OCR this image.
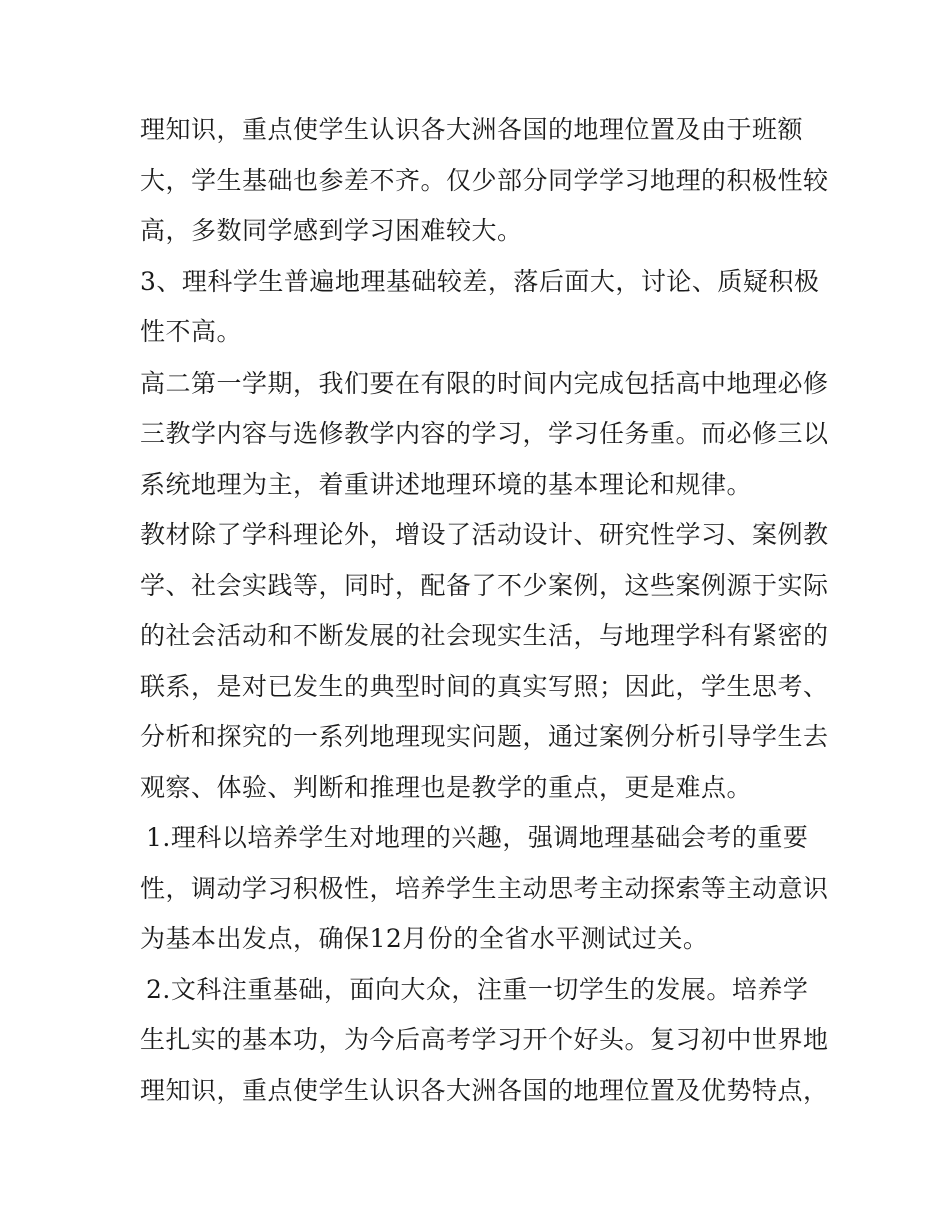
理知识，重点使学生认识各大洲各国的地理位置及由于班额
大，学生基础也参差不齐。仅少部分同学学习地理的积极性较
高，多数同学感到学习困难较大。
3、理科学生普遍地理基础较差，落后面大，讨论、质疑积极
性不高。
高二第一学期，我们要在有限的时间内完成包括高中地理必修
三教学内容与选修教学内容的学习，学习任务重。而必修三以
系统地理为主，着重讲述地理环境的基本理论和规律。
教材除了学科理论外，增设了活动设计、研究性学习、案例教
学、社会实践等，同时，配备了不少案例，这些案例源于实际
的社会活动和不断发展的社会现实生活，与地理学科有紧密的
联系，是对已发生的典型时间的真实写照；因此，学生思考、
分析和探究的一系列地理现实问题，通过案例分析引导学生去
观察、体验、判断和推理也是教学的重点，更是难点。
1.理科以培养学生对地理的兴趣，强调地理基础会考的重要
性，调动学习积极性，培养学生主动思考主动探索等主动意识
为基本出发点，确保12月份的全省水平测试过关。
2.文科注重基础，面向大众，注重一切学生的发展。培养学
生扎实的基本功，为今后高考学习开个好头。复习初中世界地
理知识，重点使学生认识各大洲各国的地理位置及优势特点，
